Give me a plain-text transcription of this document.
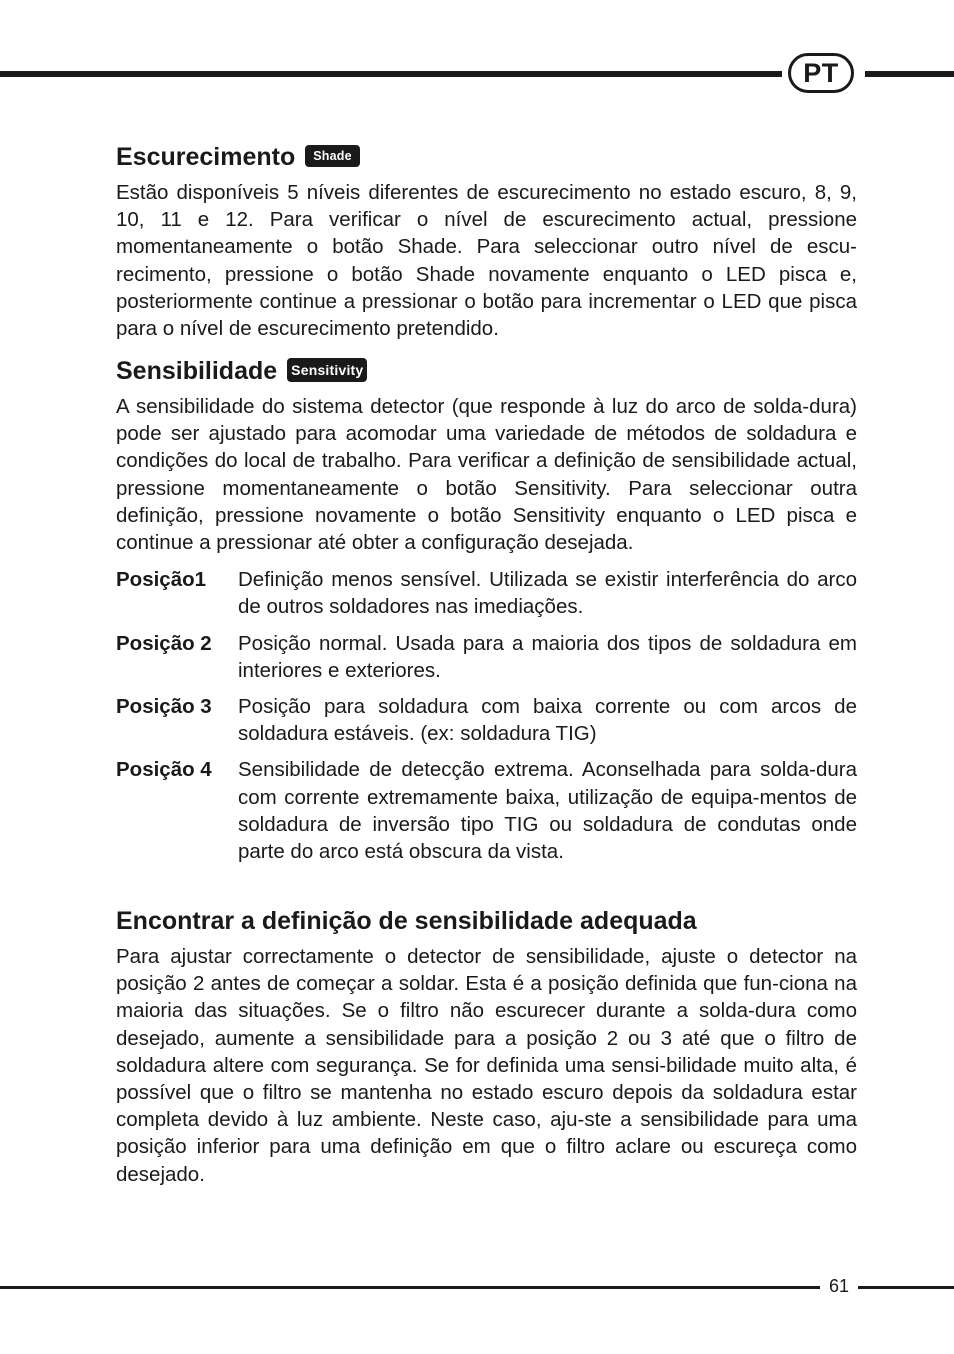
PT
Escurecimento	Shade

Estão disponíveis 5 níveis diferentes de escurecimento no estado escuro, 8, 9, 10, 11 e 12. Para verificar o nível de escurecimento actual, pressione momentaneamente o botão Shade. Para seleccionar outro nível de escu-recimento, pressione o botão Shade novamente enquanto o LED pisca e, posteriormente continue a pressionar o botão para incrementar o LED que pisca para o nível de escurecimento pretendido.

Sensibilidade Sensitivity

A sensibilidade do sistema detector (que responde à luz do arco de solda-dura) pode ser ajustado para acomodar uma variedade de métodos de soldadura e condições do local de trabalho. Para verificar a definição de sensibilidade actual, pressione momentaneamente o botão Sensitivity. Para seleccionar outra definição, pressione novamente o botão Sensitivity enquanto o LED pisca e continue a pressionar até obter a configuração desejada.

Posição1	Definição menos sensível. Utilizada se existir interferência do arco de outros soldadores nas imediações.
Posição 2	Posição normal. Usada para a maioria dos tipos de soldadura em interiores e exteriores.
Posição 3	Posição para soldadura com baixa corrente ou com arcos de soldadura estáveis. (ex: soldadura TIG)
Posição 4	Sensibilidade de detecção extrema. Aconselhada para solda-dura com corrente extremamente baixa, utilização de equipa-mentos de soldadura de inversão tipo TIG ou soldadura de condutas onde parte do arco está obscura da vista.
Encontrar a definição de sensibilidade adequada

Para ajustar correctamente o detector de sensibilidade, ajuste o detector na posição 2 antes de começar a soldar. Esta é a posição definida que fun-ciona na maioria das situações. Se o filtro não escurecer durante a solda-dura como desejado, aumente a sensibilidade para a posição 2 ou 3 até que o filtro de soldadura altere com segurança. Se for definida uma sensi-bilidade muito alta, é possível que o filtro se mantenha no estado escuro depois da soldadura estar completa devido à luz ambiente. Neste caso, aju-ste a sensibilidade para uma posição inferior para uma definição em que o filtro aclare ou escureça como desejado.

61
